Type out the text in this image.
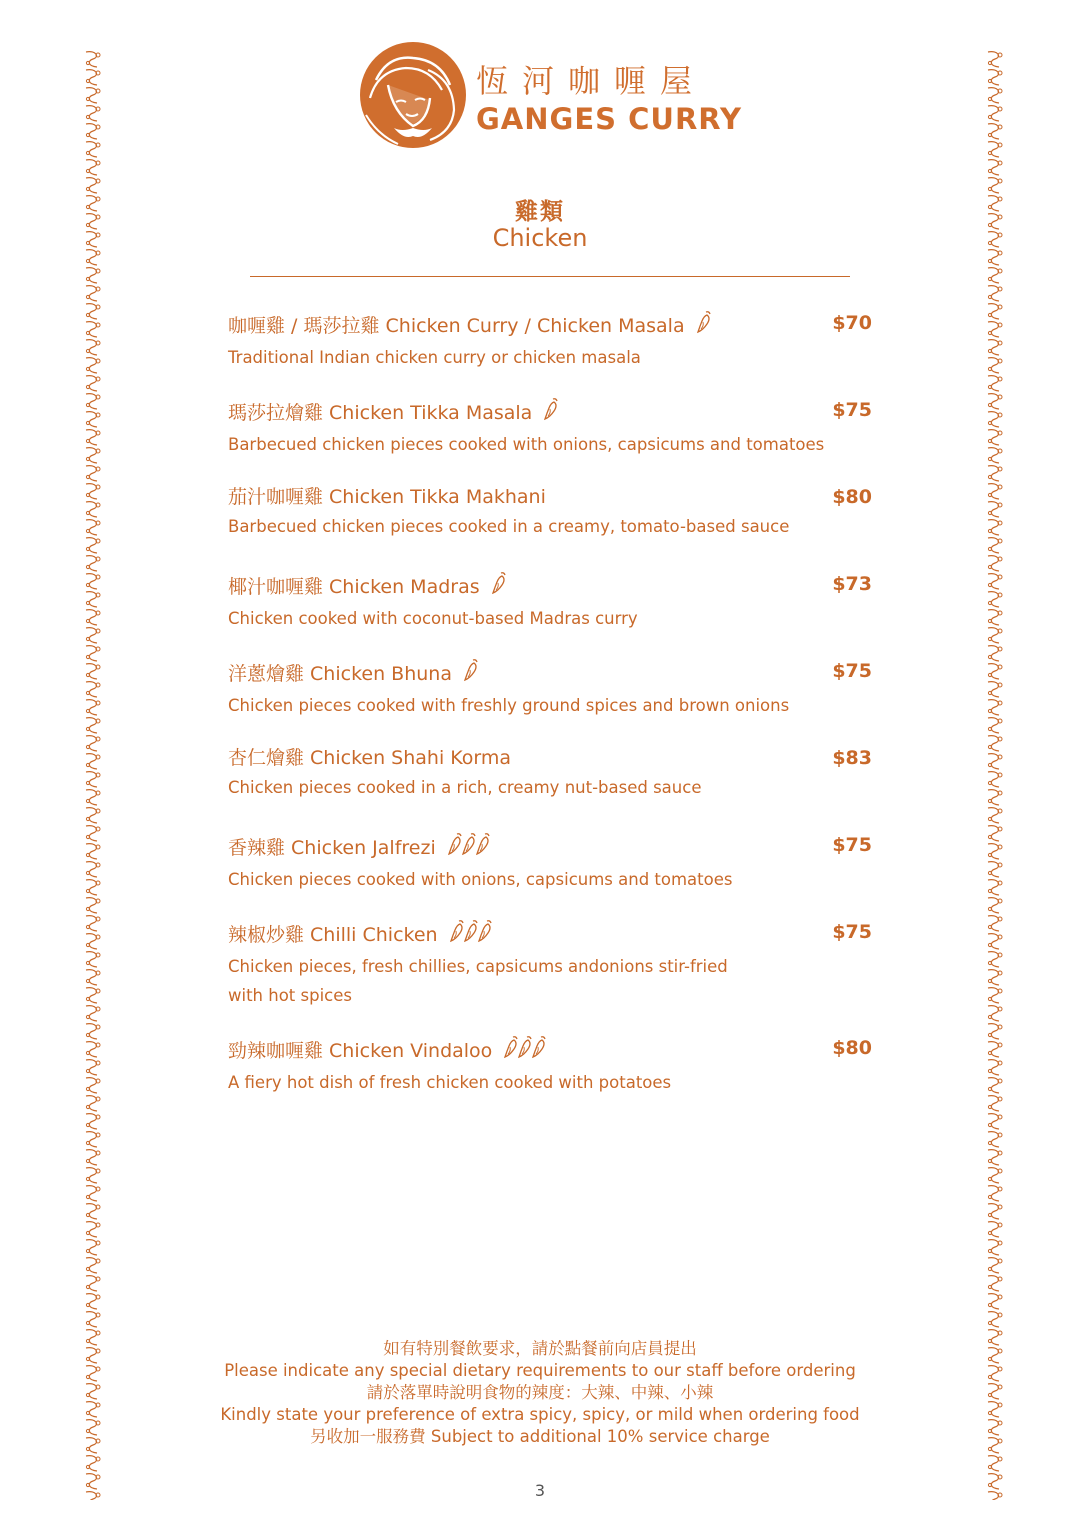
恆河咖喱屋
GANGES CURRY
雞類
Chicken
咖喱雞 / 瑪莎拉雞 Chicken Curry / Chicken Masala	$70
Traditional Indian chicken curry or chicken masala
瑪莎拉燴雞 Chicken Tikka Masala	$75
Barbecued chicken pieces cooked with onions, capsicums and tomatoes
茄汁咖喱雞 Chicken Tikka Makhani	$80
Barbecued chicken pieces cooked in a creamy, tomato-based sauce
椰汁咖喱雞 Chicken Madras	$73
Chicken cooked with coconut-based Madras curry
洋蔥燴雞 Chicken Bhuna	$75
Chicken pieces cooked with freshly ground spices and brown onions
杏仁燴雞 Chicken Shahi Korma	$83
Chicken pieces cooked in a rich, creamy nut-based sauce
香辣雞 Chicken Jalfrezi	$75
Chicken pieces cooked with onions, capsicums and tomatoes
辣椒炒雞 Chilli Chicken	$75
Chicken pieces, fresh chillies, capsicums andonions stir-fried with hot spices
勁辣咖喱雞 Chicken Vindaloo	$80
A fiery hot dish of fresh chicken cooked with potatoes
如有特別餐飲要求，請於點餐前向店員提出
Please indicate any special dietary requirements to our staff before ordering
請於落單時說明食物的辣度：大辣、中辣、小辣
Kindly state your preference of extra spicy, spicy, or mild when ordering food
另收加一服務費 Subject to additional 10% service charge
3
